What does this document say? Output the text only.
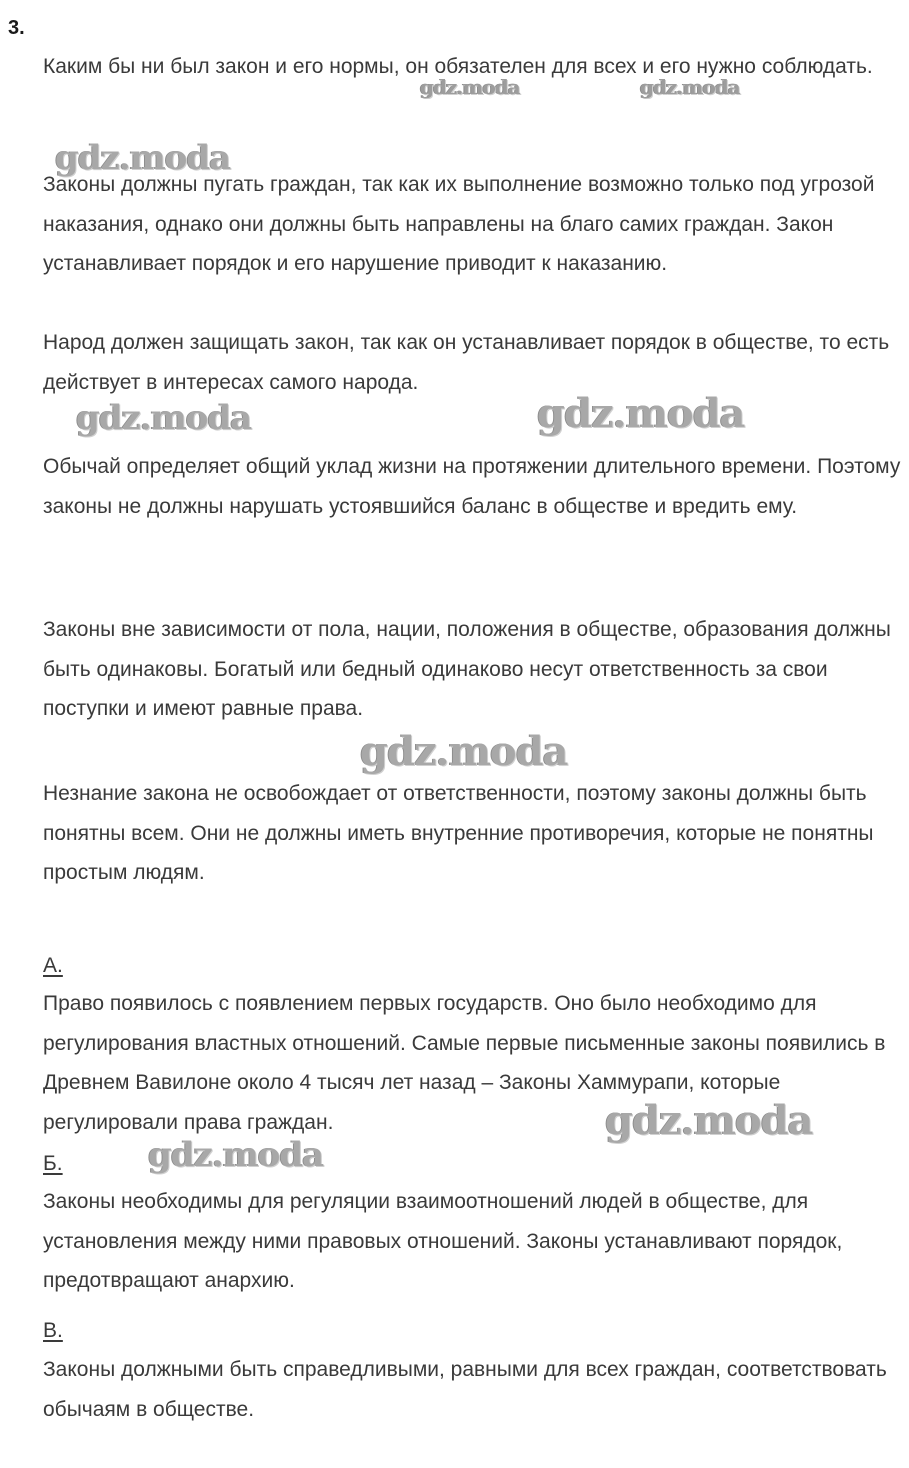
3.

Каким бы ни был закон и его нормы, он обязателен для всех и его нужно соблюдать.

Законы должны пугать граждан, так как их выполнение возможно только под угрозой наказания, однако они должны быть направлены на благо самих граждан. Закон устанавливает порядок и его нарушение приводит к наказанию.

Народ должен защищать закон, так как он устанавливает порядок в обществе, то есть действует в интересах самого народа.

Обычай определяет общий уклад жизни на протяжении длительного времени. Поэтому законы не должны нарушать устоявшийся баланс в обществе и вредить ему.

Законы вне зависимости от пола, нации, положения в обществе, образования должны быть одинаковы. Богатый или бедный одинаково несут ответственность за свои поступки и имеют равные права.

Незнание закона не освобождает от ответственности, поэтому законы должны быть понятны всем. Они не должны иметь внутренние противоречия, которые не понятны простым людям.

А.

Право появилось с появлением первых государств. Оно было необходимо для регулирования властных отношений. Самые первые письменные законы появились в Древнем Вавилоне около 4 тысяч лет назад – Законы Хаммурапи, которые регулировали права граждан.

Б.

Законы необходимы для регуляции взаимоотношений людей в обществе, для установления между ними правовых отношений. Законы устанавливают порядок, предотвращают анархию.

В.

Законы должными быть справедливыми, равными для всех граждан, соответствовать обычаям в обществе.

gdz.moda	gdz.moda
gdz.moda
gdz.moda	gdz.moda
gdz.moda
gdz.moda
gdz.moda
